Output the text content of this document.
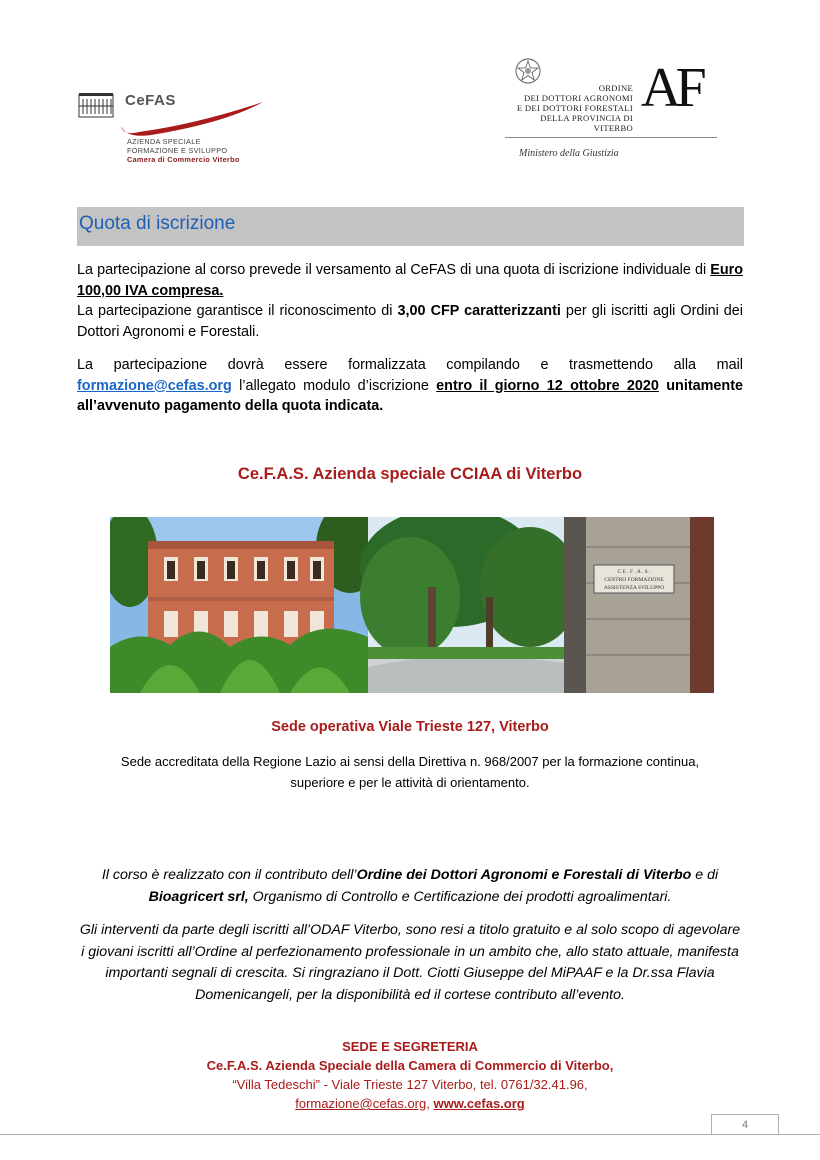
CeFAS
AZIENDA SPECIALE
FORMAZIONE E SVILUPPO
Camera di Commercio Viterbo
ORDINE
DEI DOTTORI AGRONOMI
E DEI DOTTORI FORESTALI
DELLA PROVINCIA DI VITERBO
AF
Ministero della Giustizia
Quota di iscrizione
La partecipazione al corso prevede il versamento al CeFAS di una quota di iscrizione individuale di Euro 100,00 IVA compresa.
La partecipazione garantisce il riconoscimento di 3,00 CFP caratterizzanti per gli iscritti agli Ordini dei Dottori Agronomi e Forestali.
La partecipazione dovrà essere formalizzata compilando e trasmettendo alla mail formazione@cefas.org l’allegato modulo d’iscrizione entro il giorno 12 ottobre 2020 unitamente all’avvenuto pagamento della quota indicata.
Ce.F.A.S. Azienda speciale CCIAA di Viterbo
C E . F . A . S .
CENTRO FORMAZIONE
ASSISTENZA SVILUPPO
Sede operativa Viale Trieste 127, Viterbo
Sede accreditata della Regione Lazio ai sensi della Direttiva n. 968/2007 per la formazione continua,
superiore e per le attività di orientamento.
Il corso è realizzato con il contributo dell’Ordine dei Dottori Agronomi e Forestali di Viterbo e di Bioagricert srl, Organismo di Controllo e Certificazione dei prodotti agroalimentari.
Gli interventi da parte degli iscritti all’ODAF Viterbo, sono resi a titolo gratuito e al solo scopo di agevolare i giovani iscritti all’Ordine al perfezionamento professionale in un ambito che, allo stato attuale, manifesta importanti segnali di crescita. Si ringraziano il Dott. Ciotti Giuseppe del MiPAAF e la Dr.ssa Flavia Domenicangeli, per la disponibilità ed il cortese contributo all’evento.
SEDE E SEGRETERIA
Ce.F.A.S. Azienda Speciale della Camera di Commercio di Viterbo,
“Villa Tedeschi” - Viale Trieste 127 Viterbo, tel. 0761/32.41.96,
formazione@cefas.org, www.cefas.org
4
